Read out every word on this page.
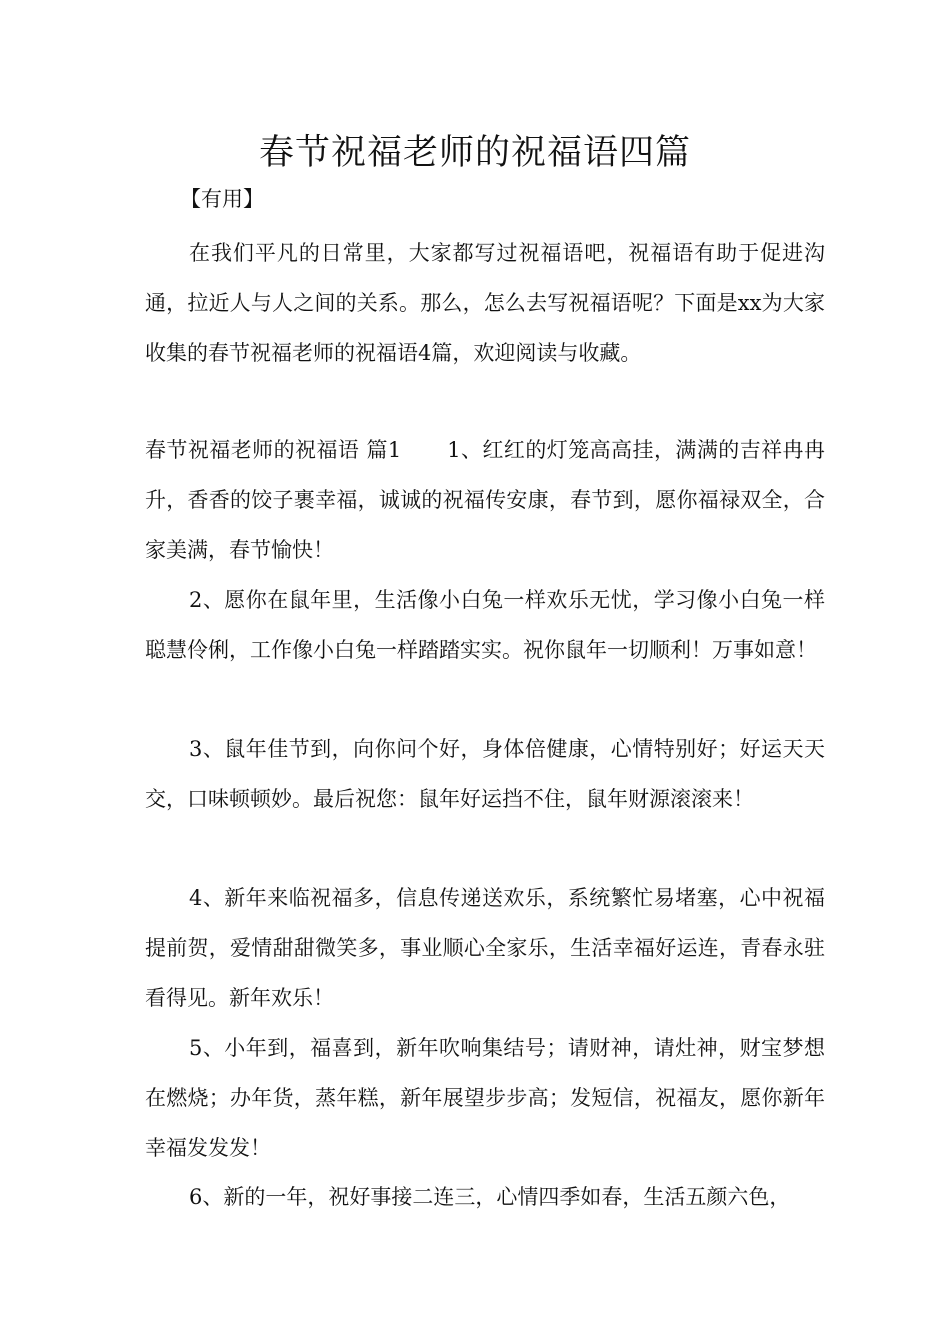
春节祝福老师的祝福语四篇

【有用】

在我们平凡的日常里，大家都写过祝福语吧，祝福语有助于促进沟通，拉近人与人之间的关系。那么，怎么去写祝福语呢？下面是xx为大家收集的春节祝福老师的祝福语4篇，欢迎阅读与收藏。

春节祝福老师的祝福语 篇1 1、红红的灯笼高高挂，满满的吉祥冉冉升，香香的饺子裹幸福，诚诚的祝福传安康，春节到，愿你福禄双全，合家美满，春节愉快！

2、愿你在鼠年里，生活像小白兔一样欢乐无忧，学习像小白兔一样聪慧伶俐，工作像小白兔一样踏踏实实。祝你鼠年一切顺利！万事如意！

3、鼠年佳节到，向你问个好，身体倍健康，心情特别好；好运天天交，口味顿顿妙。最后祝您：鼠年好运挡不住，鼠年财源滚滚来！

4、新年来临祝福多，信息传递送欢乐，系统繁忙易堵塞，心中祝福提前贺，爱情甜甜微笑多，事业顺心全家乐，生活幸福好运连，青春永驻看得见。新年欢乐！

5、小年到，福喜到，新年吹响集结号；请财神，请灶神，财宝梦想在燃烧；办年货，蒸年糕，新年展望步步高；发短信，祝福友，愿你新年幸福发发发！

6、新的一年，祝好事接二连三，心情四季如春，生活五颜六色，
